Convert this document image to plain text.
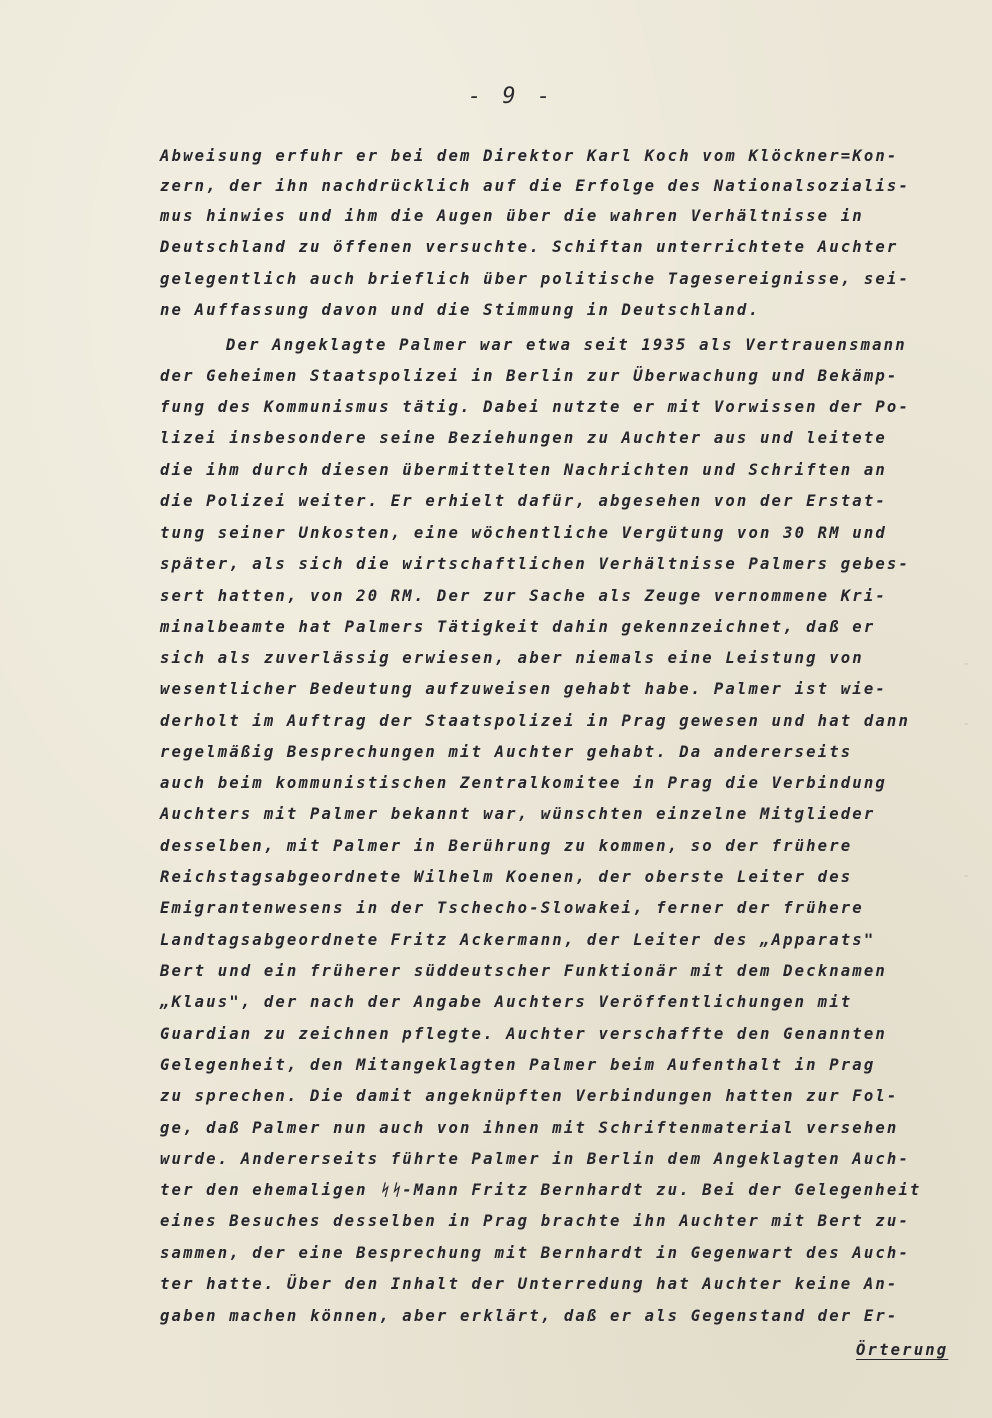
- 9 -
Abweisung erfuhr er bei dem Direktor Karl Koch vom Klöckner=Kon-
zern, der ihn nachdrücklich auf die Erfolge des Nationalsozialis-
mus hinwies und ihm die Augen über die wahren Verhältnisse in
Deutschland zu öffenen versuchte. Schiftan unterrichtete Auchter
gelegentlich auch brieflich über politische Tagesereignisse, sei-
ne Auffassung davon und die Stimmung in Deutschland.
Der Angeklagte Palmer war etwa seit 1935 als Vertrauensmann
der Geheimen Staatspolizei in Berlin zur Überwachung und Bekämp-
fung des Kommunismus tätig. Dabei nutzte er mit Vorwissen der Po-
lizei insbesondere seine Beziehungen zu Auchter aus und leitete
die ihm durch diesen übermittelten Nachrichten und Schriften an
die Polizei weiter. Er erhielt dafür, abgesehen von der Erstat-
tung seiner Unkosten, eine wöchentliche Vergütung von 30 RM und
später, als sich die wirtschaftlichen Verhältnisse Palmers gebes-
sert hatten, von 20 RM. Der zur Sache als Zeuge vernommene Kri-
minalbeamte hat Palmers Tätigkeit dahin gekennzeichnet, daß er
sich als zuverlässig erwiesen, aber niemals eine Leistung von
wesentlicher Bedeutung aufzuweisen gehabt habe. Palmer ist wie-
derholt im Auftrag der Staatspolizei in Prag gewesen und hat dann
regelmäßig Besprechungen mit Auchter gehabt. Da andererseits
auch beim kommunistischen Zentralkomitee in Prag die Verbindung
Auchters mit Palmer bekannt war, wünschten einzelne Mitglieder
desselben, mit Palmer in Berührung zu kommen, so der frühere
Reichstagsabgeordnete Wilhelm Koenen, der oberste Leiter des
Emigrantenwesens in der Tschecho-Slowakei, ferner der frühere
Landtagsabgeordnete Fritz Ackermann, der Leiter des „Apparats"
Bert und ein früherer süddeutscher Funktionär mit dem Decknamen
„Klaus", der nach der Angabe Auchters Veröffentlichungen mit
Guardian zu zeichnen pflegte. Auchter verschaffte den Genannten
Gelegenheit, den Mitangeklagten Palmer beim Aufenthalt in Prag
zu sprechen. Die damit angeknüpften Verbindungen hatten zur Fol-
ge, daß Palmer nun auch von ihnen mit Schriftenmaterial versehen
wurde. Andererseits führte Palmer in Berlin dem Angeklagten Auch-
ter den ehemaligen ᛋᛋ-Mann Fritz Bernhardt zu. Bei der Gelegenheit
eines Besuches desselben in Prag brachte ihn Auchter mit Bert zu-
sammen, der eine Besprechung mit Bernhardt in Gegenwart des Auch-
ter hatte. Über den Inhalt der Unterredung hat Auchter keine An-
gaben machen können, aber erklärt, daß er als Gegenstand der Er-
Örterung
-
-
-
